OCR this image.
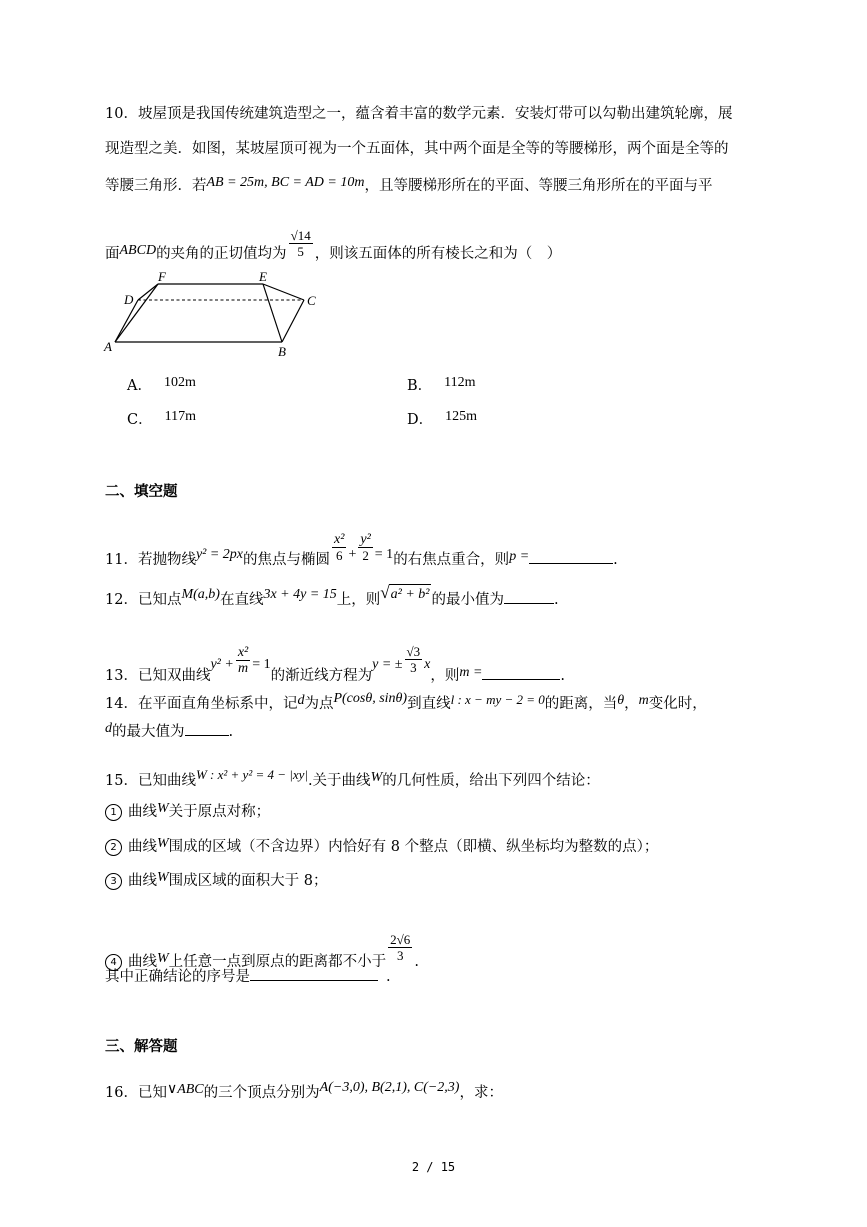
10．坡屋顶是我国传统建筑造型之一，蕴含着丰富的数学元素．安装灯带可以勾勒出建筑轮廓，展
现造型之美．如图，某坡屋顶可视为一个五面体，其中两个面是全等的等腰梯形，两个面是全等的
等腰三角形．若AB = 25m, BC = AD = 10m，且等腰梯形所在的平面、等腰三角形所在的平面与平
面ABCD的夹角的正切值均为 $\frac{√14}{5}$ ，则该五面体的所有棱长之和为（　）
F	E
D	C
A	B
A． 102m	B． 112m
C． 117m	D． 125m
二、填空题
11．若抛物线y² = 2px的焦点与椭圆 $\frac{\text{x²}}{6} + \frac{\text{y²}}{2} = 1$的右焦点重合，则p =	.
12．已知点M(a,b)在直线3x + 4y = 15上，则√a² + b² 的最小值为	.
13．已知双曲线$y^2 + \frac{\text{x²}}{m} = 1$的渐近线方程为y = ± $\frac{√3}{3}$ x，则m =	.
14．在平面直角坐标系中，记d为点P(cosθ, sinθ)到直线l : x − my − 2 = 0的距离，当θ，m变化时，
d的最大值为	.
15．已知曲线W : x² + y² = 4 − |xy|.关于曲线W的几何性质，给出下列四个结论：
1 曲线W关于原点对称；
2 曲线W围成的区域（不含边界）内恰好有 8 个整点（即横、纵坐标均为整数的点）；
3 曲线W围成区域的面积大于 8；
4 曲线W上任意一点到原点的距离都不小于 $\frac{2√6}{3}$ .
其中正确结论的序号是	.
三、解答题
16．已知∨ABC的三个顶点分别为A(−3,0), B(2,1), C(−2,3)，求：
2 / 15
